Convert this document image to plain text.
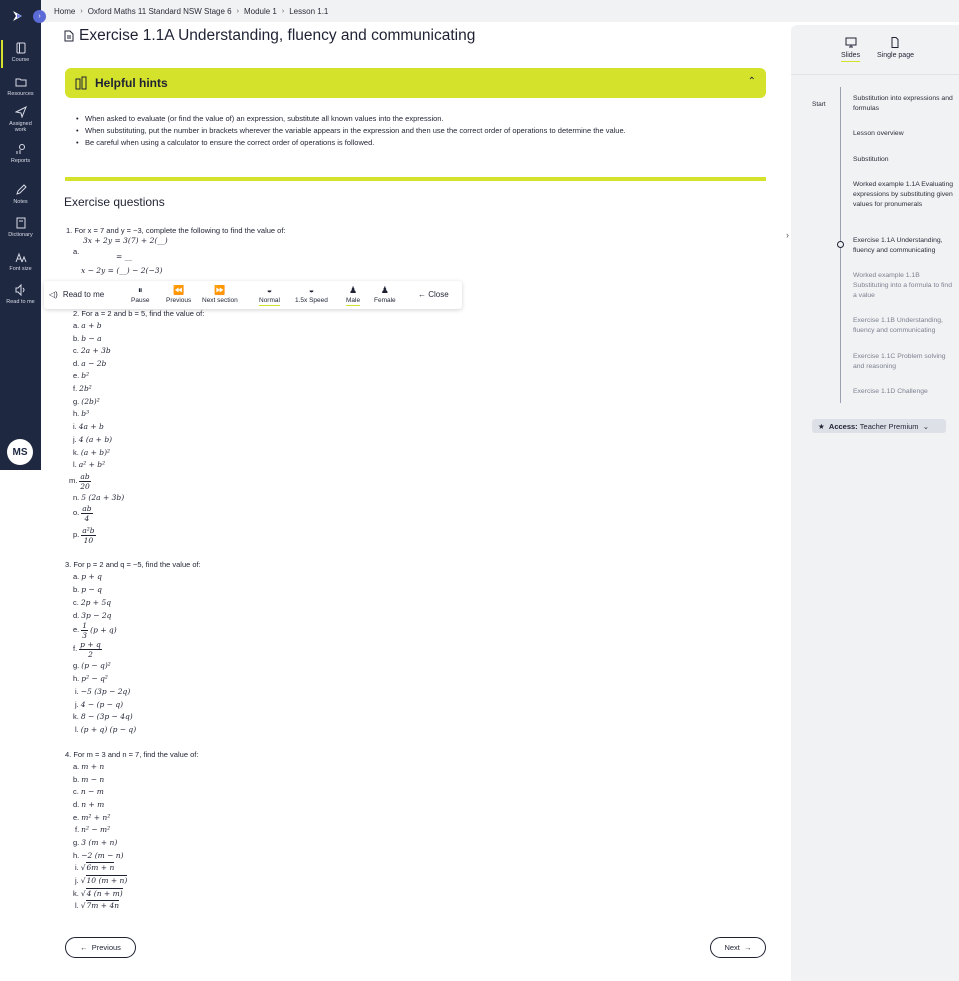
Course
Resources
Assigned work
Reports
Notes
Dictionary
Font size
Read to me
MS
›
Home › Oxford Maths 11 Standard NSW Stage 6 › Module 1 › Lesson 1.1
Exercise 1.1A Understanding, fluency and communicating
Helpful hints	⌃
• When asked to evaluate (or find the value of) an expression, substitute all known values into the expression.
• When substituting, put the number in brackets wherever the variable appears in the expression and then use the correct order of operations to determine the value.
• Be careful when using a calculator to ensure the correct order of operations is followed.
Exercise questions
1. For x = 7 and y = −3, complete the following to find the value of:
3x + 2y = 3(7) + 2(__)
a.
= __
x − 2y = (__) − 2(−3)
◁) Read to me	⏸
Pause
⏪
Previous
⏩
Next section
◒
Normal
◒
1.5x Speed
♟
Male
♟
Female
← Close
2. For a = 2 and b = 5, find the value of:
a. a + b
b. b − a
c. 2a + 3b
d. a − 2b
e. b²
f. 2b²
g. (2b)²
h. b³
i. 4a + b
j. 4 (a + b)
k. (a + b)²
l. a² + b²
m. $\frac{ab}{20}$
n. 5 (2a + 3b)
o. $\frac{ab}{4}$
p. $\frac{\text{a²b}}{10}$
3. For p = 2 and q = −5, find the value of:
a. p + q
b. p − q
c. 2p + 5q
d. 3p − 2q
e. $\frac{1}{3} (p + q)$
f. $\frac{p + q}{2}$
g. (p − q)²
h. p² − q²
i. −5 (3p − 2q)
j. 4 − (p − q)
k. 8 − (3p − 4q)
l. (p + q) (p − q)
4. For m = 3 and n = 7, find the value of:
a. m + n
b. m − n
c. n − m
d. n + m
e. m² + n²
f. n² − m²
g. 3 (m + n)
h. −2 (m − n)
i. √6m + n
j. √10 (m + n)
k. √4 (n + m)
l. √7m + 4n
←
Previous	Next
→
Slides Single page
›
Start
Substitution into expressions and formulas
Lesson overview
Substitution
Worked example 1.1A Evaluating expressions by substituting given values for pronumerals
Exercise 1.1A Understanding, fluency and communicating
Worked example 1.1B Substituting into a formula to find a value
Exercise 1.1B Understanding, fluency and communicating
Exercise 1.1C Problem solving and reasoning
Exercise 1.1D Challenge
★
Access:
Teacher Premium
⌄
